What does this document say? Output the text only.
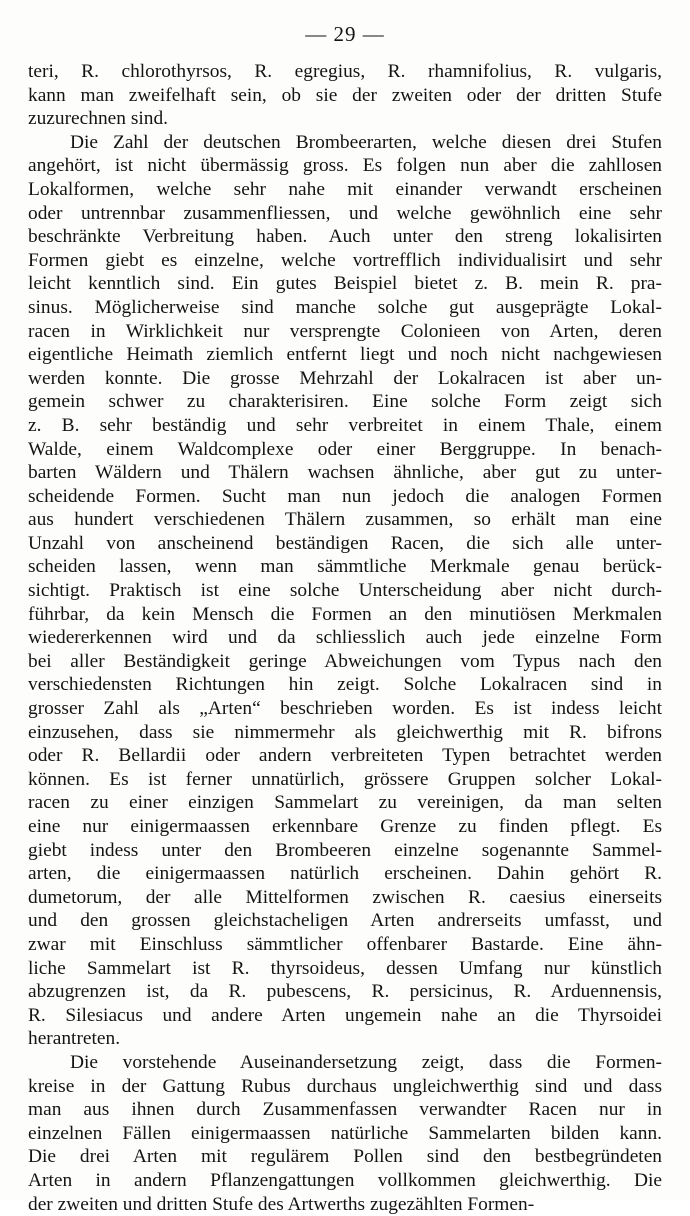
— 29 —
teri, R. chlorothyrsos, R. egregius, R. rhamnifolius, R. vulgaris,
kann man zweifelhaft sein, ob sie der zweiten oder der dritten Stufe
zuzurechnen sind.
Die Zahl der deutschen Brombeerarten, welche diesen drei Stufen
angehört, ist nicht übermässig gross. Es folgen nun aber die zahllosen
Lokalformen, welche sehr nahe mit einander verwandt erscheinen
oder untrennbar zusammenfliessen, und welche gewöhnlich eine sehr
beschränkte Verbreitung haben. Auch unter den streng lokalisirten
Formen giebt es einzelne, welche vortrefflich individualisirt und sehr
leicht kenntlich sind. Ein gutes Beispiel bietet z. B. mein R. pra-
sinus. Möglicherweise sind manche solche gut ausgeprägte Lokal-
racen in Wirklichkeit nur versprengte Colonieen von Arten, deren
eigentliche Heimath ziemlich entfernt liegt und noch nicht nachgewiesen
werden konnte. Die grosse Mehrzahl der Lokalracen ist aber un-
gemein schwer zu charakterisiren. Eine solche Form zeigt sich
z. B. sehr beständig und sehr verbreitet in einem Thale, einem
Walde, einem Waldcomplexe oder einer Berggruppe. In benach-
barten Wäldern und Thälern wachsen ähnliche, aber gut zu unter-
scheidende Formen. Sucht man nun jedoch die analogen Formen
aus hundert verschiedenen Thälern zusammen, so erhält man eine
Unzahl von anscheinend beständigen Racen, die sich alle unter-
scheiden lassen, wenn man sämmtliche Merkmale genau berück-
sichtigt. Praktisch ist eine solche Unterscheidung aber nicht durch-
führbar, da kein Mensch die Formen an den minutiösen Merkmalen
wiedererkennen wird und da schliesslich auch jede einzelne Form
bei aller Beständigkeit geringe Abweichungen vom Typus nach den
verschiedensten Richtungen hin zeigt. Solche Lokalracen sind in
grosser Zahl als „Arten“ beschrieben worden. Es ist indess leicht
einzusehen, dass sie nimmermehr als gleichwerthig mit R. bifrons
oder R. Bellardii oder andern verbreiteten Typen betrachtet werden
können. Es ist ferner unnatürlich, grössere Gruppen solcher Lokal-
racen zu einer einzigen Sammelart zu vereinigen, da man selten
eine nur einigermaassen erkennbare Grenze zu finden pflegt. Es
giebt indess unter den Brombeeren einzelne sogenannte Sammel-
arten, die einigermaassen natürlich erscheinen. Dahin gehört R.
dumetorum, der alle Mittelformen zwischen R. caesius einerseits
und den grossen gleichstacheligen Arten andrerseits umfasst, und
zwar mit Einschluss sämmtlicher offenbarer Bastarde. Eine ähn-
liche Sammelart ist R. thyrsoideus, dessen Umfang nur künstlich
abzugrenzen ist, da R. pubescens, R. persicinus, R. Arduennensis,
R. Silesiacus und andere Arten ungemein nahe an die Thyrsoidei
herantreten.
Die vorstehende Auseinandersetzung zeigt, dass die Formen-
kreise in der Gattung Rubus durchaus ungleichwerthig sind und dass
man aus ihnen durch Zusammenfassen verwandter Racen nur in
einzelnen Fällen einigermaassen natürliche Sammelarten bilden kann.
Die drei Arten mit regulärem Pollen sind den bestbegründeten
Arten in andern Pflanzengattungen vollkommen gleichwerthig. Die
der zweiten und dritten Stufe des Artwerths zugezählten Formen-
